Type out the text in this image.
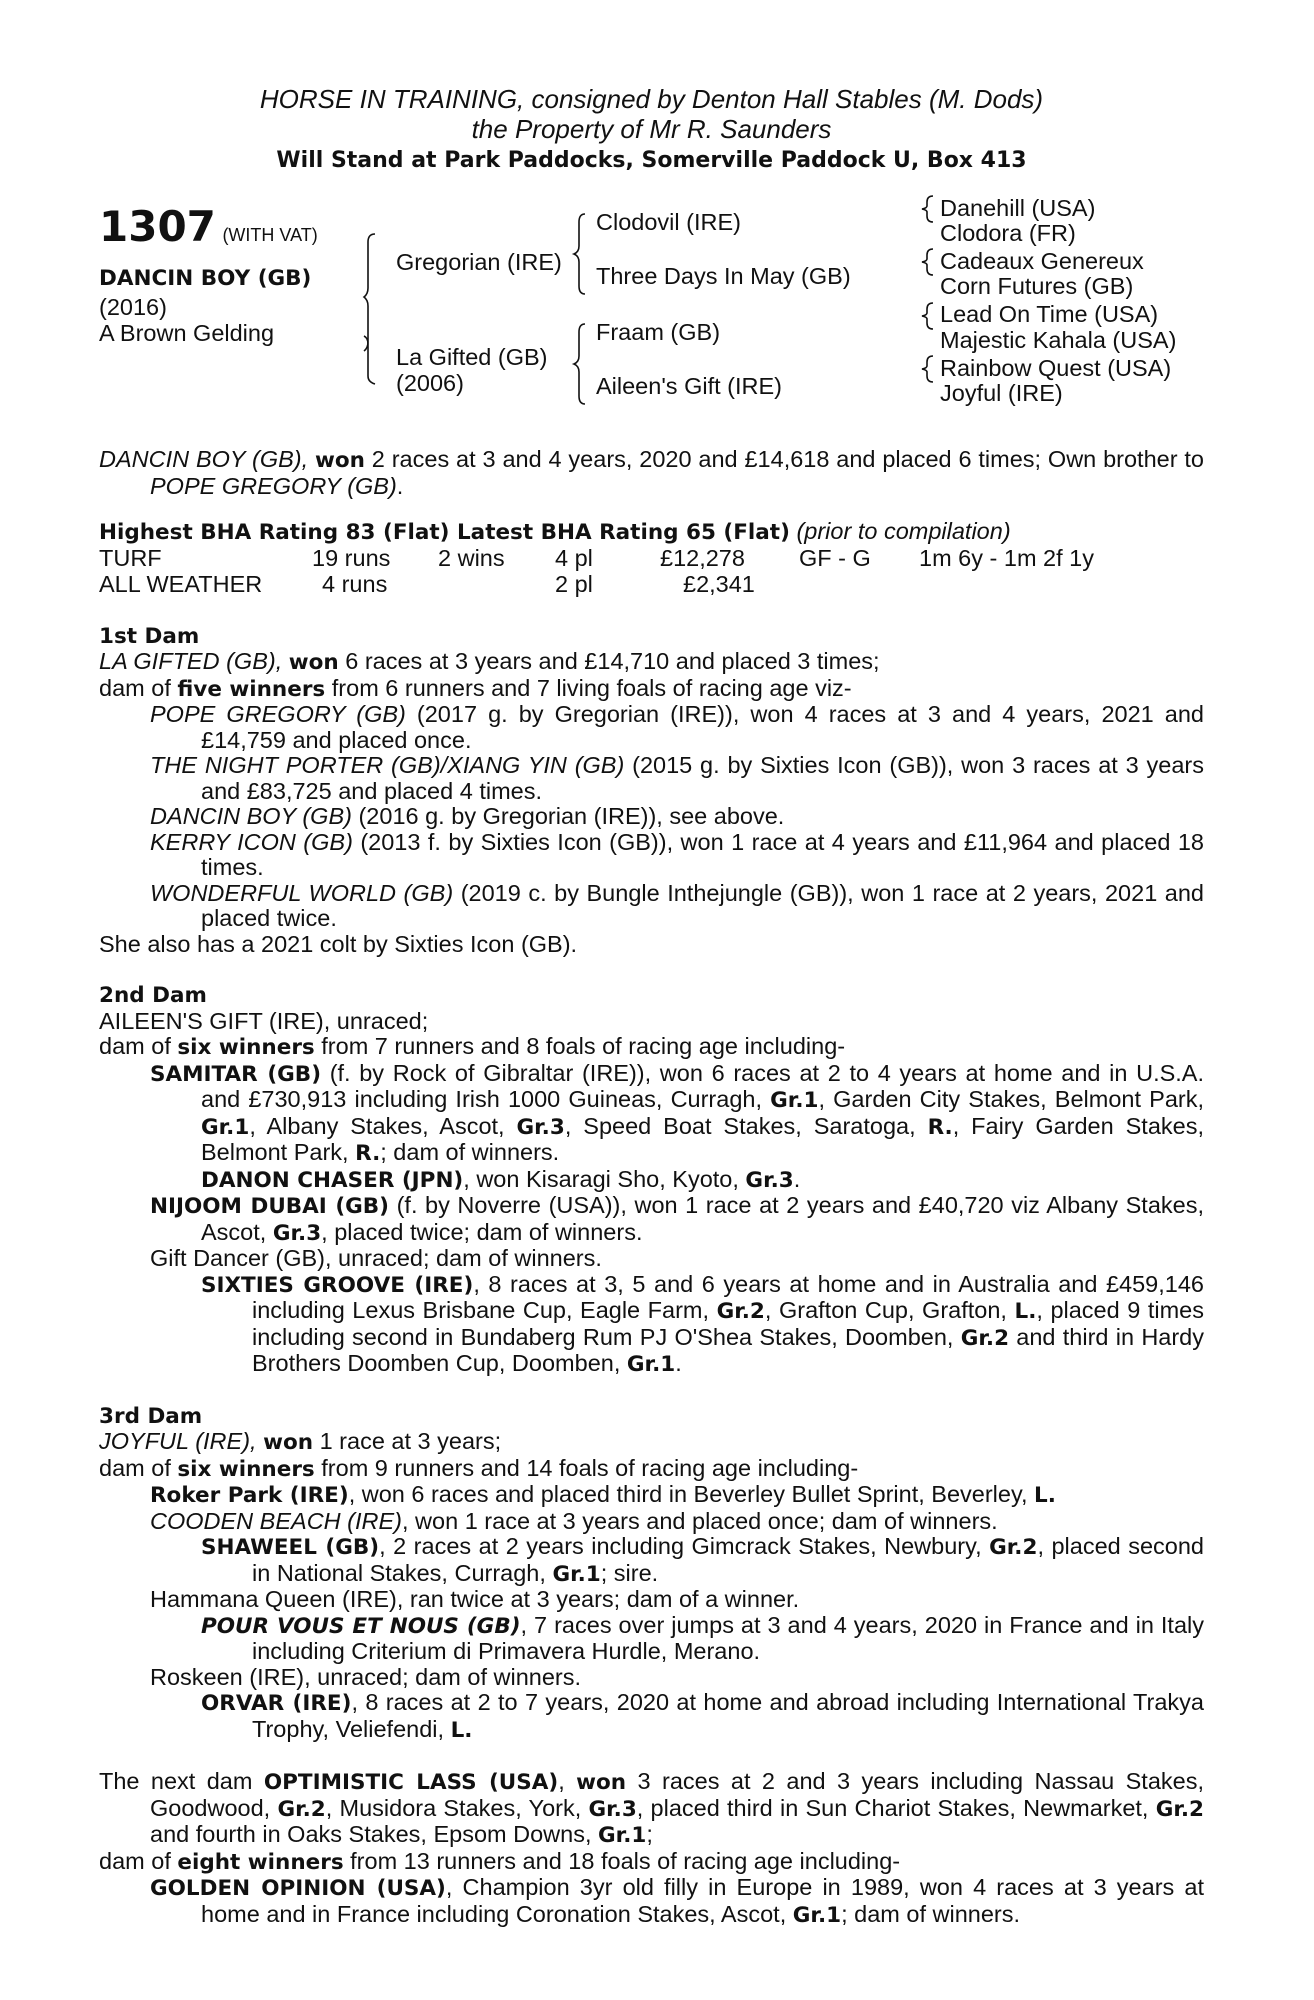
HORSE IN TRAINING, consigned by Denton Hall Stables (M. Dods)
the Property of Mr R. Saunders
Will Stand at Park Paddocks, Somerville Paddock U, Box 413
1307 (WITH VAT)
DANCIN BOY (GB)
(2016)
A Brown Gelding
Gregorian (IRE)
La Gifted (GB)
(2006)
Clodovil (IRE)
Three Days In May (GB)
Fraam (GB)
Aileen's Gift (IRE)
Danehill (USA)
Clodora (FR)
Cadeaux Genereux
Corn Futures (GB)
Lead On Time (USA)
Majestic Kahala (USA)
Rainbow Quest (USA)
Joyful (IRE)

DANCIN BOY (GB), won 2 races at 3 and 4 years, 2020 and £14,618 and placed 6 times; Own brother to POPE GREGORY (GB).

Highest BHA Rating 83 (Flat) Latest BHA Rating 65 (Flat) (prior to compilation)

TURF	19 runs 2 wins 4 pl	£12,278 GF - G 1m 6y - 1m 2f 1y
ALL WEATHER	4 runs	2 pl	£2,341

1st Dam

LA GIFTED (GB), won 6 races at 3 years and £14,710 and placed 3 times;

dam of five winners from 6 runners and 7 living foals of racing age viz-

POPE GREGORY (GB) (2017 g. by Gregorian (IRE)), won 4 races at 3 and 4 years, 2021 and £14,759 and placed once.

THE NIGHT PORTER (GB)/XIANG YIN (GB) (2015 g. by Sixties Icon (GB)), won 3 races at 3 years and £83,725 and placed 4 times.

DANCIN BOY (GB) (2016 g. by Gregorian (IRE)), see above.

KERRY ICON (GB) (2013 f. by Sixties Icon (GB)), won 1 race at 4 years and £11,964 and placed 18 times.

WONDERFUL WORLD (GB) (2019 c. by Bungle Inthejungle (GB)), won 1 race at 2 years, 2021 and placed twice.

She also has a 2021 colt by Sixties Icon (GB).

2nd Dam

AILEEN'S GIFT (IRE), unraced;

dam of six winners from 7 runners and 8 foals of racing age including-

SAMITAR (GB) (f. by Rock of Gibraltar (IRE)), won 6 races at 2 to 4 years at home and in U.S.A. and £730,913 including Irish 1000 Guineas, Curragh, Gr.1, Garden City Stakes, Belmont Park, Gr.1, Albany Stakes, Ascot, Gr.3, Speed Boat Stakes, Saratoga, R., Fairy Garden Stakes, Belmont Park, R.; dam of winners.

DANON CHASER (JPN), won Kisaragi Sho, Kyoto, Gr.3.

NIJOOM DUBAI (GB) (f. by Noverre (USA)), won 1 race at 2 years and £40,720 viz Albany Stakes, Ascot, Gr.3, placed twice; dam of winners.

Gift Dancer (GB), unraced; dam of winners.

SIXTIES GROOVE (IRE), 8 races at 3, 5 and 6 years at home and in Australia and £459,146 including Lexus Brisbane Cup, Eagle Farm, Gr.2, Grafton Cup, Grafton, L., placed 9 times including second in Bundaberg Rum PJ O'Shea Stakes, Doomben, Gr.2 and third in Hardy Brothers Doomben Cup, Doomben, Gr.1.

3rd Dam

JOYFUL (IRE), won 1 race at 3 years;

dam of six winners from 9 runners and 14 foals of racing age including-

Roker Park (IRE), won 6 races and placed third in Beverley Bullet Sprint, Beverley, L.

COODEN BEACH (IRE), won 1 race at 3 years and placed once; dam of winners.

SHAWEEL (GB), 2 races at 2 years including Gimcrack Stakes, Newbury, Gr.2, placed second in National Stakes, Curragh, Gr.1; sire.

Hammana Queen (IRE), ran twice at 3 years; dam of a winner.

POUR VOUS ET NOUS (GB), 7 races over jumps at 3 and 4 years, 2020 in France and in Italy including Criterium di Primavera Hurdle, Merano.

Roskeen (IRE), unraced; dam of winners.

ORVAR (IRE), 8 races at 2 to 7 years, 2020 at home and abroad including International Trakya Trophy, Veliefendi, L.

The next dam OPTIMISTIC LASS (USA), won 3 races at 2 and 3 years including Nassau Stakes, Goodwood, Gr.2, Musidora Stakes, York, Gr.3, placed third in Sun Chariot Stakes, Newmarket, Gr.2 and fourth in Oaks Stakes, Epsom Downs, Gr.1;

dam of eight winners from 13 runners and 18 foals of racing age including-

GOLDEN OPINION (USA), Champion 3yr old filly in Europe in 1989, won 4 races at 3 years at home and in France including Coronation Stakes, Ascot, Gr.1; dam of winners.
